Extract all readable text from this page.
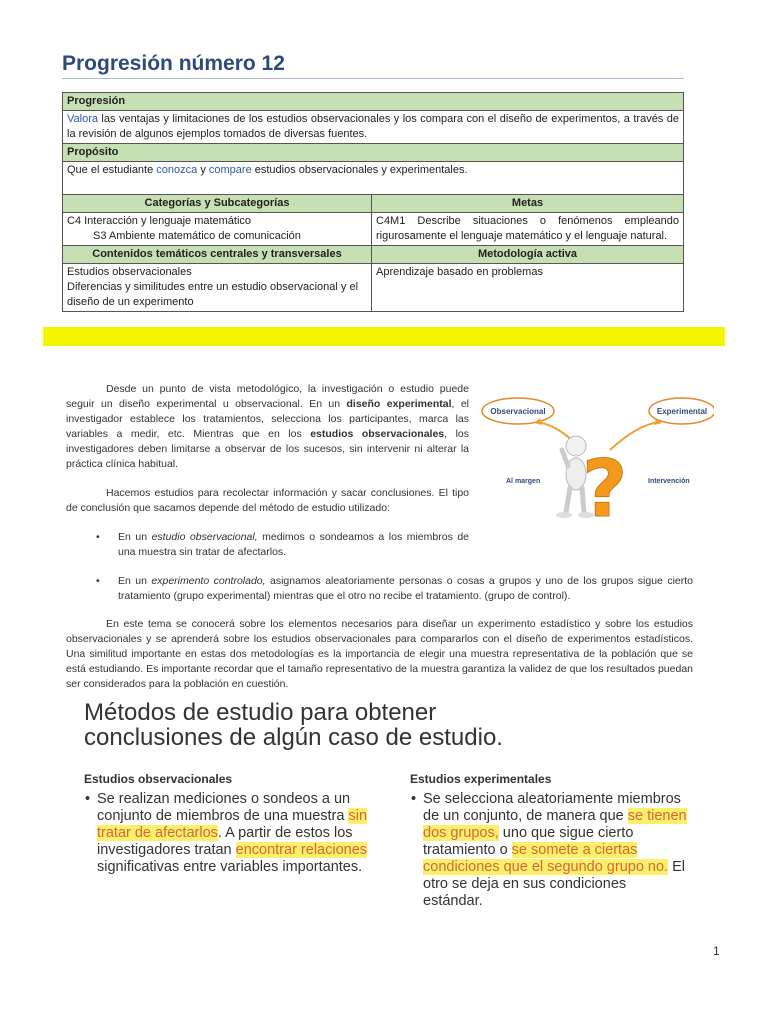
Progresión número 12
Progresión	
Valora las ventajas y limitaciones de los estudios observacionales y los compara con el diseño de experimentos, a través de la revisión de algunos ejemplos tomados de diversas fuentes.	
Propósito	
Que el estudiante conozca y compare estudios observacionales y experimentales.	
Categorías y Subcategorías	Metas
C4 Interacción y lenguaje matemático
S3 Ambiente matemático de comunicación	C4M1 Describe situaciones o fenómenos empleando rigurosamente el lenguaje matemático y el lenguaje natural.
Contenidos temáticos centrales y transversales	Metodología activa

Estudios observacionales
Diferencias y similitudes entre un estudio observacional y el diseño de un experimento	Aprendizaje basado en problemas

Desde un punto de vista metodológico, la investigación o estudio puede seguir un diseño experimental u observacional. En un diseño experimental, el investigador establece los tratamientos, selecciona los participantes, marca las variables a medir, etc. Mientras que en los estudios observacionales, los investigadores deben limitarse a observar de los sucesos, sin intervenir ni alterar la práctica clínica habitual.

Hacemos estudios para recolectar información y sacar conclusiones. El tipo de conclusión que sacamos depende del método de estudio utilizado:

• En un estudio observacional, medimos o sondeamos a los miembros de una muestra sin tratar de afectarlos.
• En un experimento controlado, asignamos aleatoriamente personas o cosas a grupos y uno de los grupos sigue cierto tratamiento (grupo experimental) mientras que el otro no recibe el tratamiento. (grupo de control).

En este tema se conocerá sobre los elementos necesarios para diseñar un experimento estadístico y sobre los estudios observacionales y se aprenderá sobre los estudios observacionales para compararlos con el diseño de experimentos estadísticos. Una similitud importante en estas dos metodologías es la importancia de elegir una muestra representativa de la población que se está estudiando. Es importante recordar que el tamaño representativo de la muestra garantiza la validez de que los resultados puedan ser considerados para la población en cuestión.

Observacional	Experimental
Al margen	Intervención
?
Métodos de estudio para obtener
conclusiones de algún caso de estudio.
Estudios observacionales
• Se realizan mediciones o sondeos a un conjunto de miembros de una muestra sin tratar de afectarlos. A partir de estos los investigadores tratan encontrar relaciones significativas entre variables importantes.
Estudios experimentales
• Se selecciona aleatoriamente miembros de un conjunto, de manera que se tienen dos grupos, uno que sigue cierto tratamiento o se somete a ciertas condiciones que el segundo grupo no. El otro se deja en sus condiciones estándar.
1
